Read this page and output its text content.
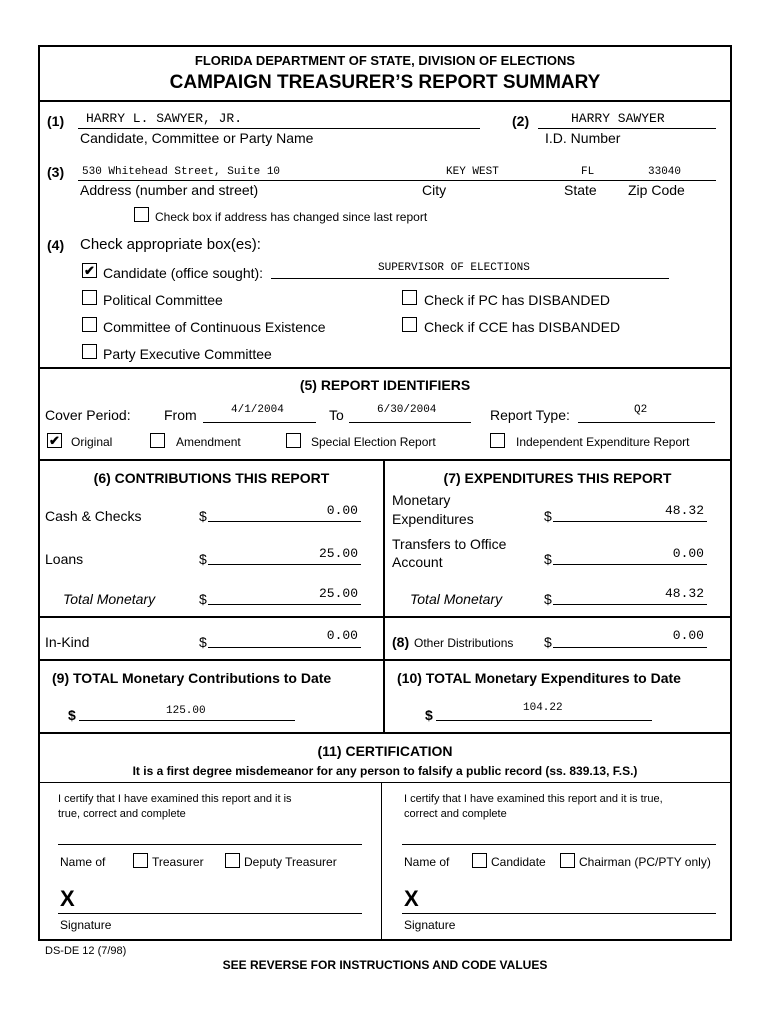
FLORIDA DEPARTMENT OF STATE, DIVISION OF ELECTIONS
CAMPAIGN TREASURER’S REPORT SUMMARY
(1) HARRY L. SAWYER, JR.
Candidate, Committee or Party Name
(2)	HARRY SAWYER
I.D. Number
(3) 530 Whitehead Street, Suite 10	KEY WEST	FL	33040
Address (number and street)	City	State Zip Code
Check box if address has changed since last report
(4) Check appropriate box(es):
✔ Candidate (office sought):	SUPERVISOR OF ELECTIONS
Political Committee	Check if PC has DISBANDED
Committee of Continuous Existence	Check if CCE has DISBANDED
Party Executive Committee
(5) REPORT IDENTIFIERS
Cover Period: From	4/1/2004	To	6/30/2004	Report Type:	Q2
✔ Original	Amendment	Special Election Report	Independent Expenditure Report
(6) CONTRIBUTIONS THIS REPORT
Cash & Checks	$	0.00
Loans	$	25.00
Total Monetary	$	25.00
In-Kind	$	0.00
(7) EXPENDITURES THIS REPORT
Monetary
Expenditures	$	48.32
Transfers to Office
Account	$	0.00
Total Monetary	$	48.32
(8) Other Distributions $	0.00
(9) TOTAL Monetary Contributions to Date
$	125.00
(10) TOTAL Monetary Expenditures to Date
$	104.22
(11) CERTIFICATION
It is a first degree misdemeanor for any person to falsify a public record (ss. 839.13, F.S.)
I certify that I have examined this report and it is
true, correct and complete
Name of	Treasurer	Deputy Treasurer
X
Signature
I certify that I have examined this report and it is true,
correct and complete
Name of	Candidate	Chairman (PC/PTY only)
X
Signature
DS-DE 12 (7/98)
SEE REVERSE FOR INSTRUCTIONS AND CODE VALUES
